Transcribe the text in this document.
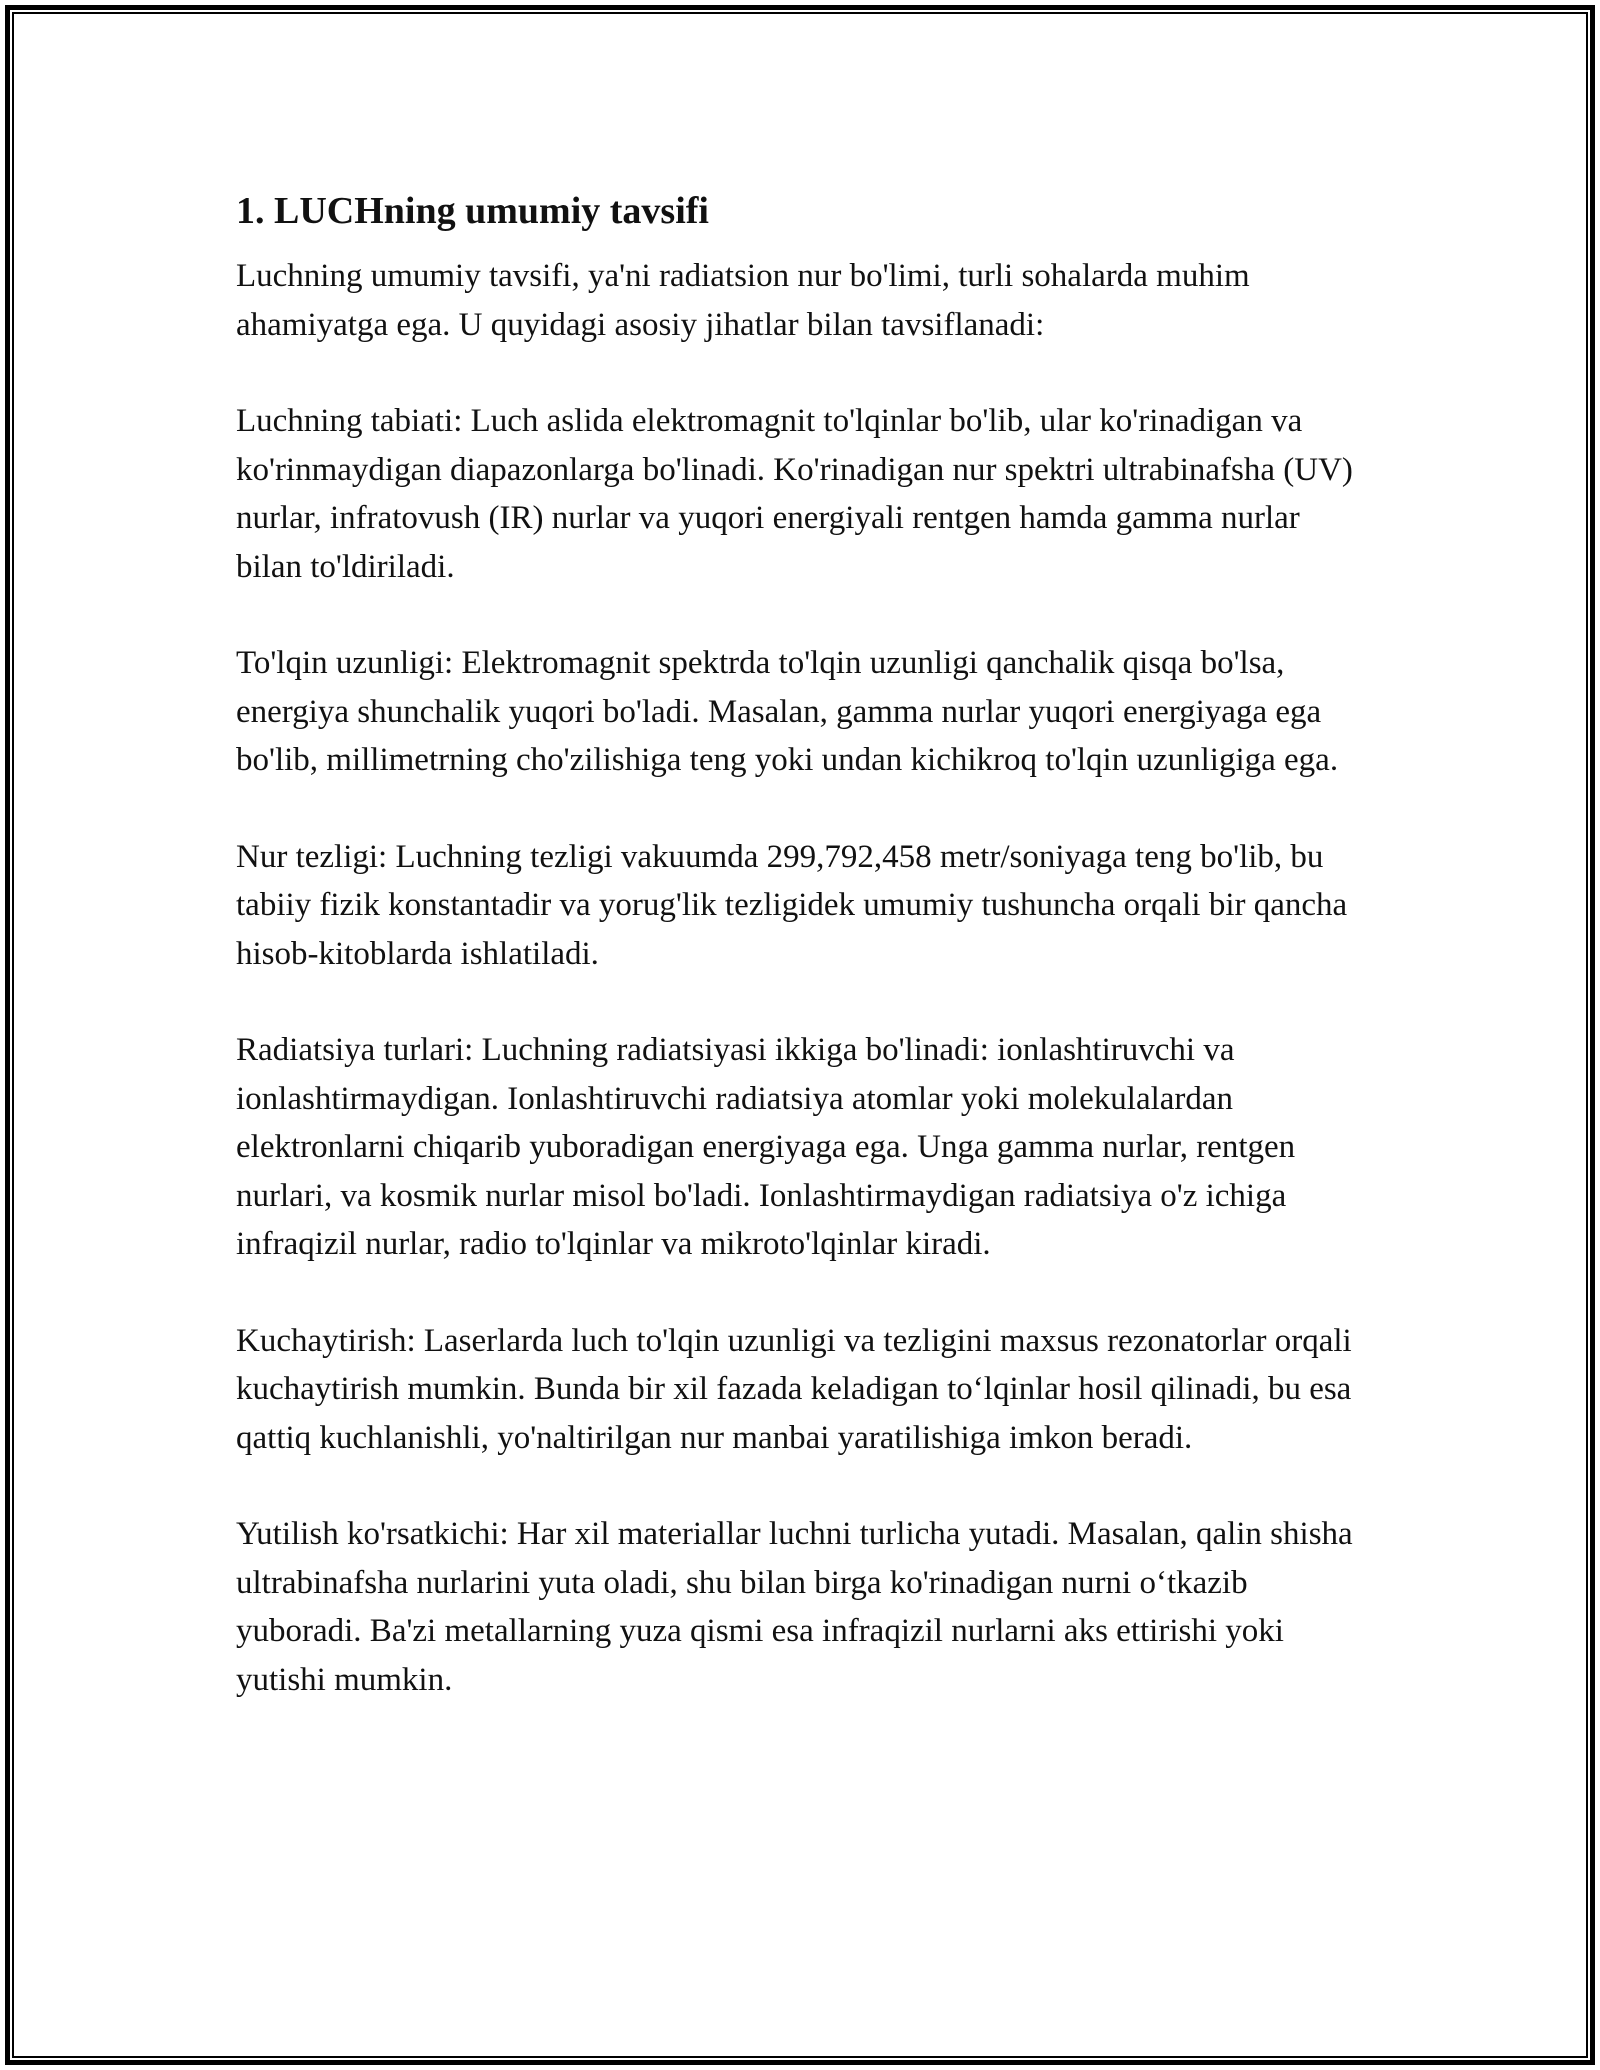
1. LUCHning umumiy tavsifi

Luchning umumiy tavsifi, ya'ni radiatsion nur bo'limi, turli sohalarda muhim ahamiyatga ega. U quyidagi asosiy jihatlar bilan tavsiflanadi:

Luchning tabiati: Luch aslida elektromagnit to'lqinlar bo'lib, ular ko'rinadigan va ko'rinmaydigan diapazonlarga bo'linadi. Ko'rinadigan nur spektri ultrabinafsha (UV) nurlar, infratovush (IR) nurlar va yuqori energiyali rentgen hamda gamma nurlar bilan to'ldiriladi.

To'lqin uzunligi: Elektromagnit spektrda to'lqin uzunligi qanchalik qisqa bo'lsa, energiya shunchalik yuqori bo'ladi. Masalan, gamma nurlar yuqori energiyaga ega bo'lib, millimetrning cho'zilishiga teng yoki undan kichikroq to'lqin uzunligiga ega.

Nur tezligi: Luchning tezligi vakuumda 299,792,458 metr/soniyaga teng bo'lib, bu tabiiy fizik konstantadir va yorug'lik tezligidek umumiy tushuncha orqali bir qancha hisob-kitoblarda ishlatiladi.

Radiatsiya turlari: Luchning radiatsiyasi ikkiga bo'linadi: ionlashtiruvchi va ionlashtirmaydigan. Ionlashtiruvchi radiatsiya atomlar yoki molekulalardan elektronlarni chiqarib yuboradigan energiyaga ega. Unga gamma nurlar, rentgen nurlari, va kosmik nurlar misol bo'ladi. Ionlashtirmaydigan radiatsiya o'z ichiga infraqizil nurlar, radio to'lqinlar va mikroto'lqinlar kiradi.

Kuchaytirish: Laserlarda luch to'lqin uzunligi va tezligini maxsus rezonatorlar orqali kuchaytirish mumkin. Bunda bir xil fazada keladigan to‘lqinlar hosil qilinadi, bu esa qattiq kuchlanishli, yo'naltirilgan nur manbai yaratilishiga imkon beradi.

Yutilish ko'rsatkichi: Har xil materiallar luchni turlicha yutadi. Masalan, qalin shisha ultrabinafsha nurlarini yuta oladi, shu bilan birga ko'rinadigan nurni o‘tkazib yuboradi. Ba'zi metallarning yuza qismi esa infraqizil nurlarni aks ettirishi yoki yutishi mumkin.
